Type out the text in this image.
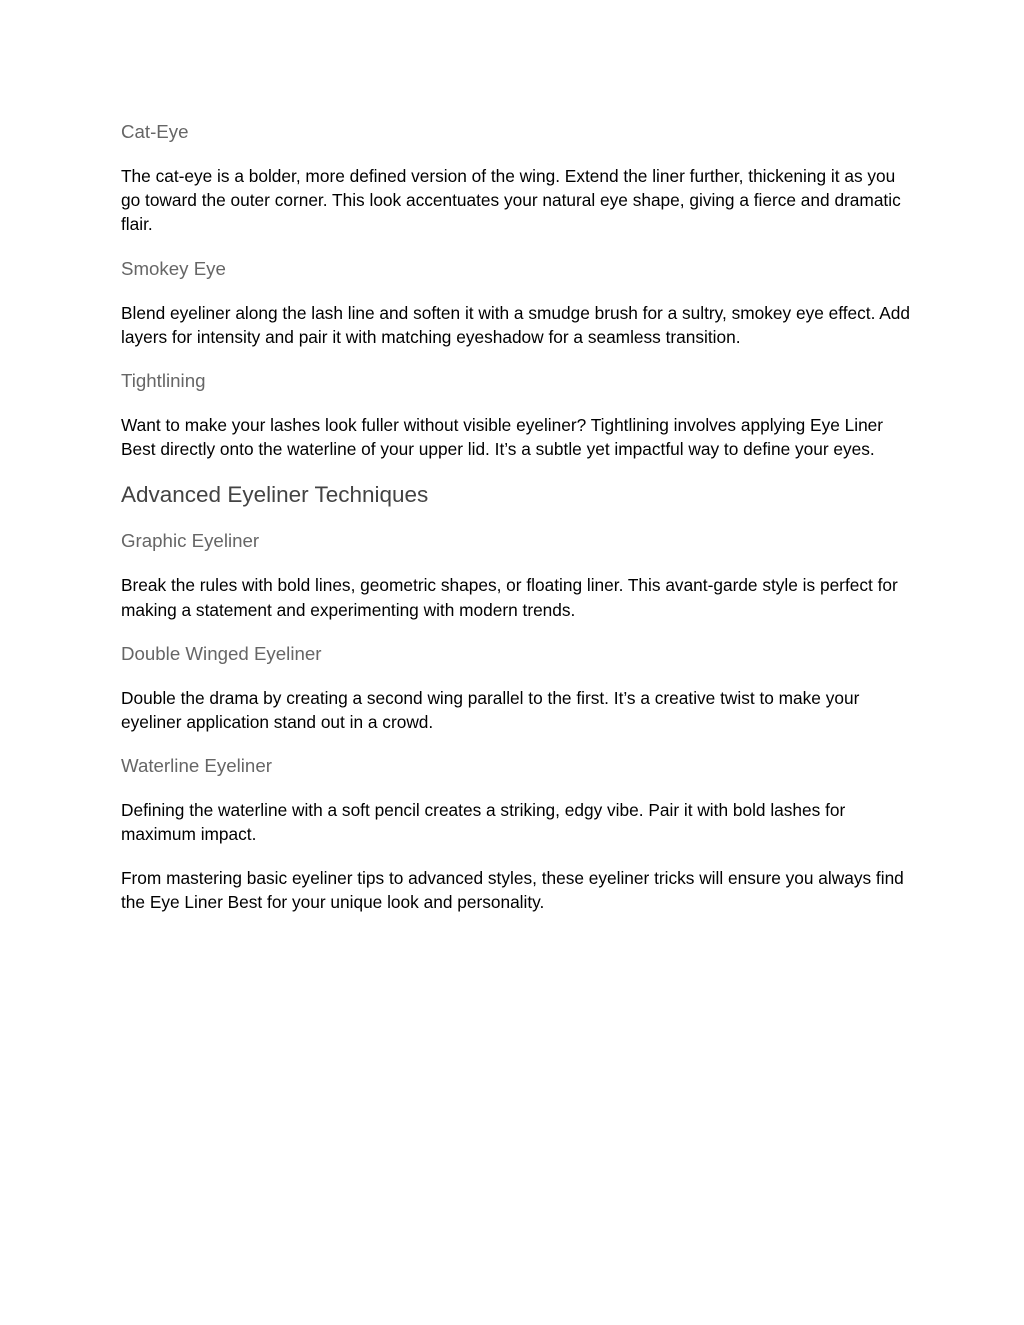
Cat-Eye

The cat-eye is a bolder, more defined version of the wing. Extend the liner further, thickening it as you go toward the outer corner. This look accentuates your natural eye shape, giving a fierce and dramatic flair.

Smokey Eye

Blend eyeliner along the lash line and soften it with a smudge brush for a sultry, smokey eye effect. Add layers for intensity and pair it with matching eyeshadow for a seamless transition.

Tightlining

Want to make your lashes look fuller without visible eyeliner? Tightlining involves applying Eye Liner Best directly onto the waterline of your upper lid. It’s a subtle yet impactful way to define your eyes.

Advanced Eyeliner Techniques
Graphic Eyeliner

Break the rules with bold lines, geometric shapes, or floating liner. This avant-garde style is perfect for making a statement and experimenting with modern trends.

Double Winged Eyeliner

Double the drama by creating a second wing parallel to the first. It’s a creative twist to make your eyeliner application stand out in a crowd.

Waterline Eyeliner

Defining the waterline with a soft pencil creates a striking, edgy vibe. Pair it with bold lashes for maximum impact.

From mastering basic eyeliner tips to advanced styles, these eyeliner tricks will ensure you always find the Eye Liner Best for your unique look and personality.
